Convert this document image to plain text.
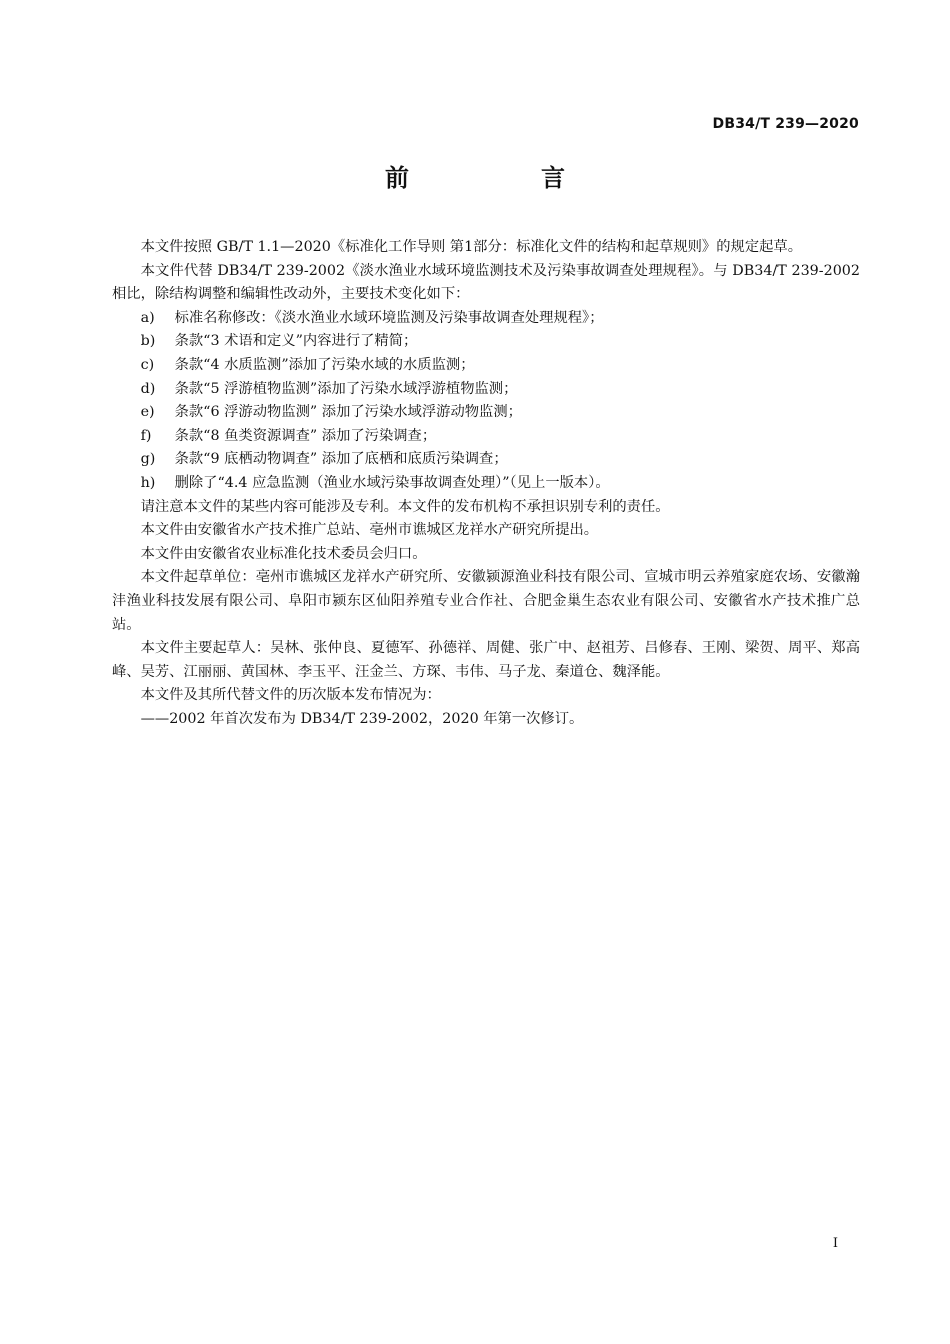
DB34/T 239—2020
前　言

本文件按照 GB/T 1.1—2020《标准化工作导则 第1部分：标准化文件的结构和起草规则》的规定起草。

本文件代替 DB34/T 239-2002《淡水渔业水域环境监测技术及污染事故调查处理规程》。与 DB34/T 239-2002 相比，除结构调整和编辑性改动外，主要技术变化如下：

a)	标准名称修改：《淡水渔业水域环境监测及污染事故调查处理规程》；

b)	条款“3 术语和定义”内容进行了精简；

c)	条款“4 水质监测”添加了污染水域的水质监测；

d)	条款“5 浮游植物监测”添加了污染水域浮游植物监测；

e)	条款“6 浮游动物监测” 添加了污染水域浮游动物监测；

f)	条款“8 鱼类资源调查” 添加了污染调查；

g)	条款“9 底栖动物调查” 添加了底栖和底质污染调查；

h)	删除了“4.4 应急监测（渔业水域污染事故调查处理）”（见上一版本）。

请注意本文件的某些内容可能涉及专利。本文件的发布机构不承担识别专利的责任。

本文件由安徽省水产技术推广总站、亳州市谯城区龙祥水产研究所提出。

本文件由安徽省农业标准化技术委员会归口。

本文件起草单位：亳州市谯城区龙祥水产研究所、安徽颍源渔业科技有限公司、宣城市明云养殖家庭农场、安徽瀚沣渔业科技发展有限公司、阜阳市颍东区仙阳养殖专业合作社、合肥金巢生态农业有限公司、安徽省水产技术推广总站。

本文件主要起草人：吴林、张仲良、夏德军、孙德祥、周健、张广中、赵祖芳、吕修春、王刚、梁贺、周平、郑高峰、吴芳、江丽丽、黄国林、李玉平、汪金兰、方琛、韦伟、马子龙、秦道仓、魏泽能。

本文件及其所代替文件的历次版本发布情况为：

——2002 年首次发布为 DB34/T 239-2002，2020 年第一次修订。

I
